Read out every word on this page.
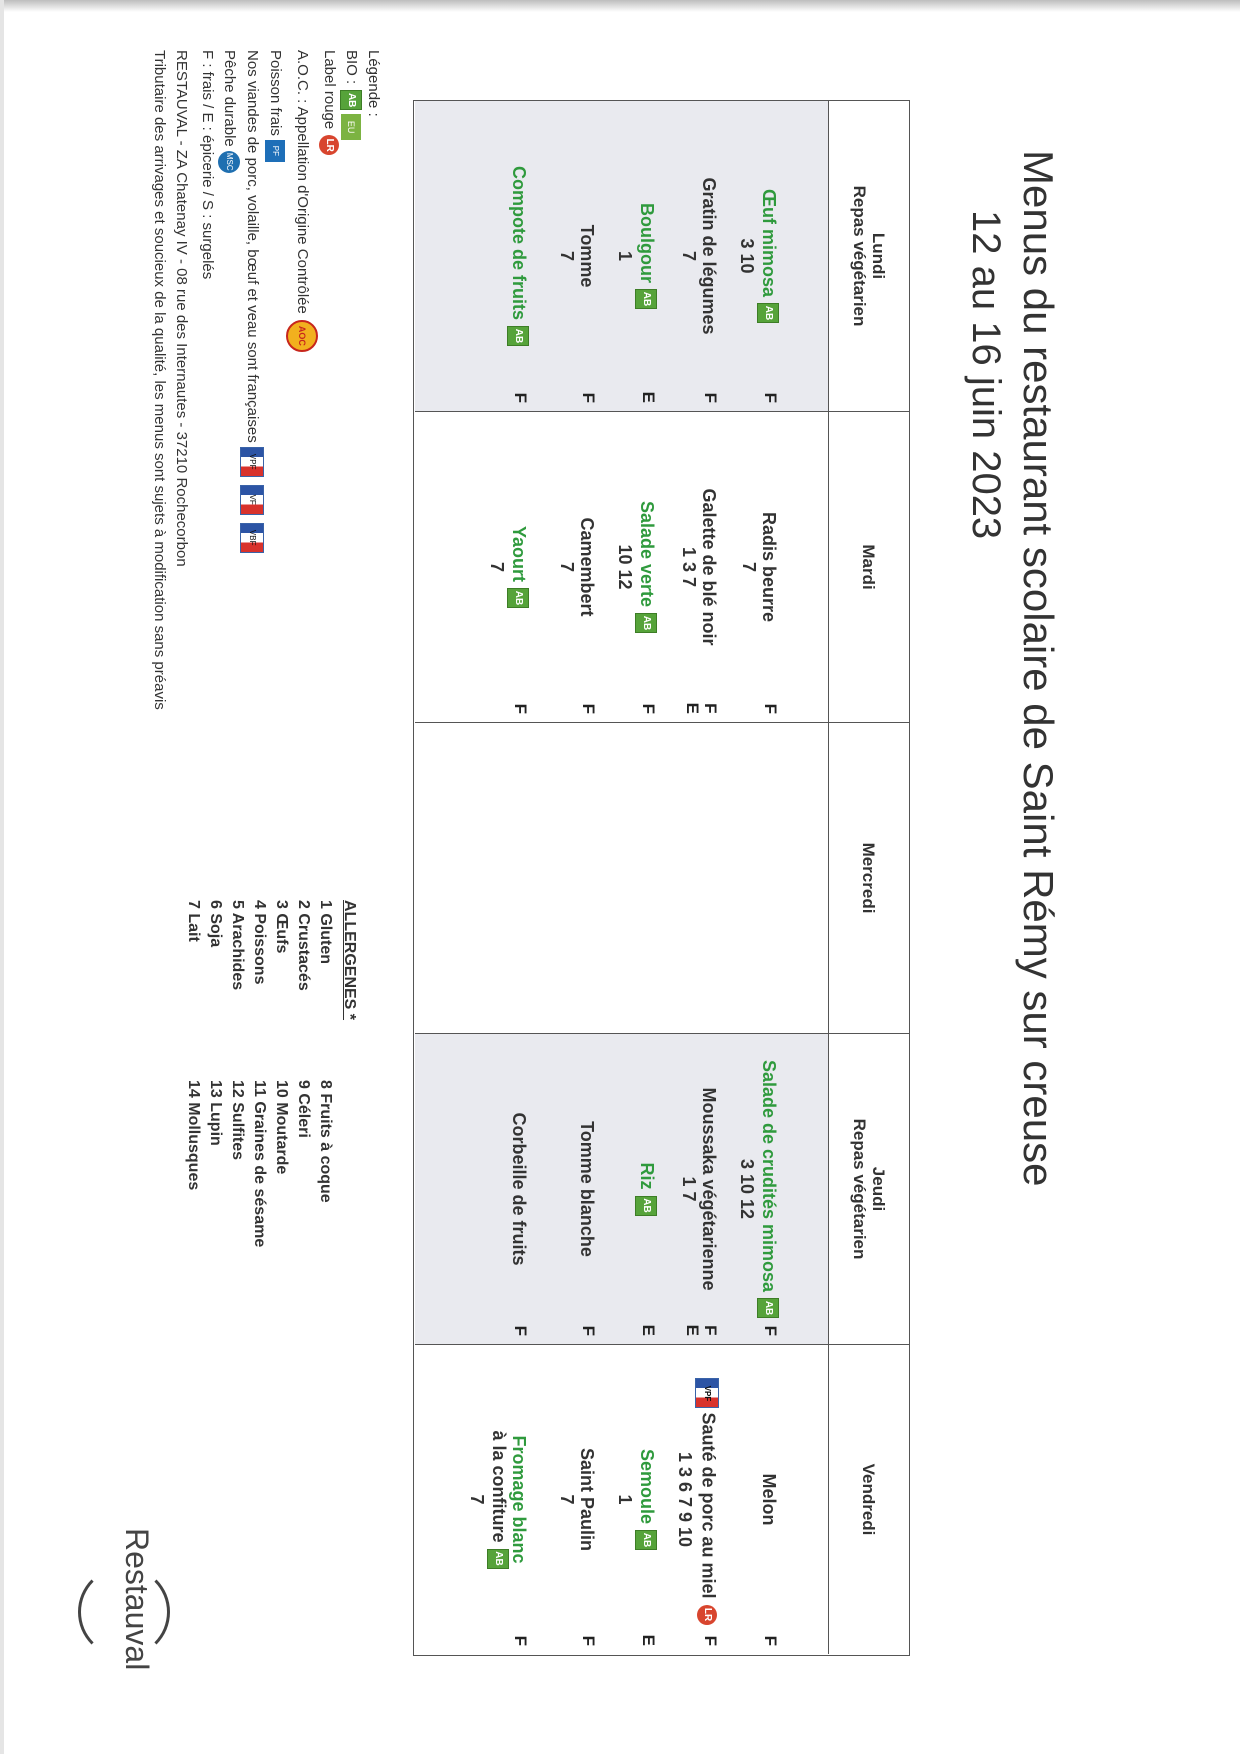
Menus du restaurant scolaire de Saint Rémy sur creuse
12 au 16 juin 2023
Restauval
Lundi
Repas végétarien
Œuf mimosaAB
3 10
F
Gratin de légumes
7
F
BoulgourAB
1
E
Tomme
7
F
Compote de fruitsAB
F
Mardi
Radis beurre
7
F
Galette de blé noir
1 3 7
F
E
Salade verteAB
10 12
F
Camembert
7
F
YaourtAB
7
F
Mercredi
Jeudi
Repas végétarien
Salade de crudités mimosaAB
3 10 12
F
Moussaka végétarienne
1 7
F
E
RizAB
E
Tomme blanche
F
Corbeille de fruits
F
Vendredi
Melon
F
VPFSauté de porc au mielLR
1 3 6 7 9 10
F
SemouleAB
1
E
Saint Paulin
7
F
Fromage blanc
à la confitureAB
7
F
Légende :
BIO :ABEU
Label rougeLR
A.O.C. : Appellation d'Origine ContrôléeAOC
Poisson fraisPF
Nos viandes de porc, volaille, bœuf et veau sont françaisesVPFVFVBF
Pêche durableMSC
F : frais / E : épicerie / S : surgelés
RESTAUVAL - ZA Chatenay IV - 08 rue des Internautes - 37210 Rochecorbon
Tributaire des arrivages et soucieux de la qualité, les menus sont sujets à modification sans préavis
ALLERGENES *
1 Gluten
2 Crustacés
3 Œufs
4 Poissons
5 Arachides
6 Soja
7 Lait
8 Fruits à coque
9 Céleri
10 Moutarde
11 Graines de sésame
12 Sulfites
13 Lupin
14 Mollusques
